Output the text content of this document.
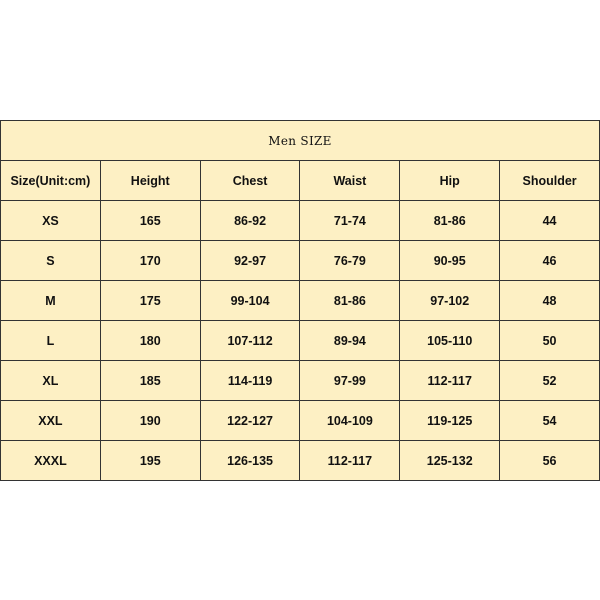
Men SIZE					
Size(Unit:cm)	Height	Chest	Waist	Hip	Shoulder
XS	165	86-92	71-74	81-86	44
S	170	92-97	76-79	90-95	46
M	175	99-104	81-86	97-102	48
L	180	107-112	89-94	105-110	50
XL	185	114-119	97-99	112-117	52
XXL	190	122-127	104-109	119-125	54
XXXL	195	126-135	112-117	125-132	56
